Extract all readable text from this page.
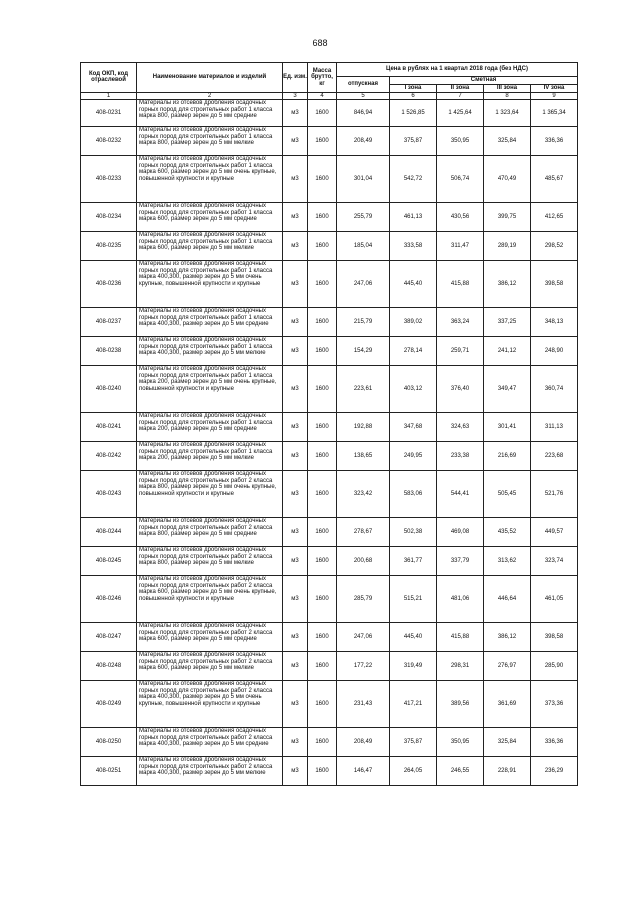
688
Код ОКП, код отраслевой	Наименование материалов и изделий	Ед. изм.	Масса брутто, кг	Цена в рублях на 1 квартал 2018 года (без НДС)				
				отпускная	Сметная			
					I зона	II зона	III зона	IV зона
1	2	3	4	5	6	7	8	9
408-0231	Материалы из отсевов дробления осадочных горных пород для строительных работ 1 класса марка 800, размер зерен до 5 мм средние	м3	1600	846,94	1 526,85	1 425,64	1 323,64	1 365,34
408-0232	Материалы из отсевов дробления осадочных горных пород для строительных работ 1 класса марка 800, размер зерен до 5 мм мелкие	м3	1600	208,49	375,87	350,95	325,84	336,36
408-0233	Материалы из отсевов дробления осадочных горных пород для строительных работ 1 класса марка 600, размер зерен до 5 мм очень крупные, повышенной крупности и крупные	м3	1600	301,04	542,72	506,74	470,49	485,67
408-0234	Материалы из отсевов дробления осадочных горных пород для строительных работ 1 класса марка 600, размер зерен до 5 мм средние	м3	1600	255,79	461,13	430,56	399,75	412,65
408-0235	Материалы из отсевов дробления осадочных горных пород для строительных работ 1 класса марка 600, размер зерен до 5 мм мелкие	м3	1600	185,04	333,58	311,47	289,19	298,52
408-0236	Материалы из отсевов дробления осадочных горных пород для строительных работ 1 класса марка 400,300, размер зерен до 5 мм очень крупные, повышенной крупности и крупные	м3	1600	247,06	445,40	415,88	386,12	398,58
408-0237	Материалы из отсевов дробления осадочных горных пород для строительных работ 1 класса марка 400,300, размер зерен до 5 мм средние	м3	1600	215,79	389,02	363,24	337,25	348,13
408-0238	Материалы из отсевов дробления осадочных горных пород для строительных работ 1 класса марка 400,300, размер зерен до 5 мм мелкие	м3	1600	154,29	278,14	259,71	241,12	248,90
408-0240	Материалы из отсевов дробления осадочных горных пород для строительных работ 1 класса марка 200, размер зерен до 5 мм очень крупные, повышенной крупности и крупные	м3	1600	223,61	403,12	376,40	349,47	360,74
408-0241	Материалы из отсевов дробления осадочных горных пород для строительных работ 1 класса марка 200, размер зерен до 5 мм средние	м3	1600	192,88	347,68	324,63	301,41	311,13
408-0242	Материалы из отсевов дробления осадочных горных пород для строительных работ 1 класса марка 200, размер зерен до 5 мм мелкие	м3	1600	138,65	249,95	233,38	216,69	223,68
408-0243	Материалы из отсевов дробления осадочных горных пород для строительных работ 2 класса марка 800, размер зерен до 5 мм очень крупные, повышенной крупности и крупные	м3	1600	323,42	583,06	544,41	505,45	521,76
408-0244	Материалы из отсевов дробления осадочных горных пород для строительных работ 2 класса марка 800, размер зерен до 5 мм средние	м3	1600	278,67	502,38	469,08	435,52	449,57
408-0245	Материалы из отсевов дробления осадочных горных пород для строительных работ 2 класса марка 800, размер зерен до 5 мм мелкие	м3	1600	200,68	361,77	337,79	313,62	323,74
408-0246	Материалы из отсевов дробления осадочных горных пород для строительных работ 2 класса марка 600, размер зерен до 5 мм очень крупные, повышенной крупности и крупные	м3	1600	285,79	515,21	481,06	446,64	461,05
408-0247	Материалы из отсевов дробления осадочных горных пород для строительных работ 2 класса марка 600, размер зерен до 5 мм средние	м3	1600	247,06	445,40	415,88	386,12	398,58
408-0248	Материалы из отсевов дробления осадочных горных пород для строительных работ 2 класса марка 600, размер зерен до 5 мм мелкие	м3	1600	177,22	319,49	298,31	276,97	285,90
408-0249	Материалы из отсевов дробления осадочных горных пород для строительных работ 2 класса марка 400,300, размер зерен до 5 мм очень крупные, повышенной крупности и крупные	м3	1600	231,43	417,21	389,56	361,69	373,36
408-0250	Материалы из отсевов дробления осадочных горных пород для строительных работ 2 класса марка 400,300, размер зерен до 5 мм средние	м3	1600	208,49	375,87	350,95	325,84	336,36
408-0251	Материалы из отсевов дробления осадочных горных пород для строительных работ 2 класса марка 400,300, размер зерен до 5 мм мелкие	м3	1600	146,47	264,05	246,55	228,91	236,29
